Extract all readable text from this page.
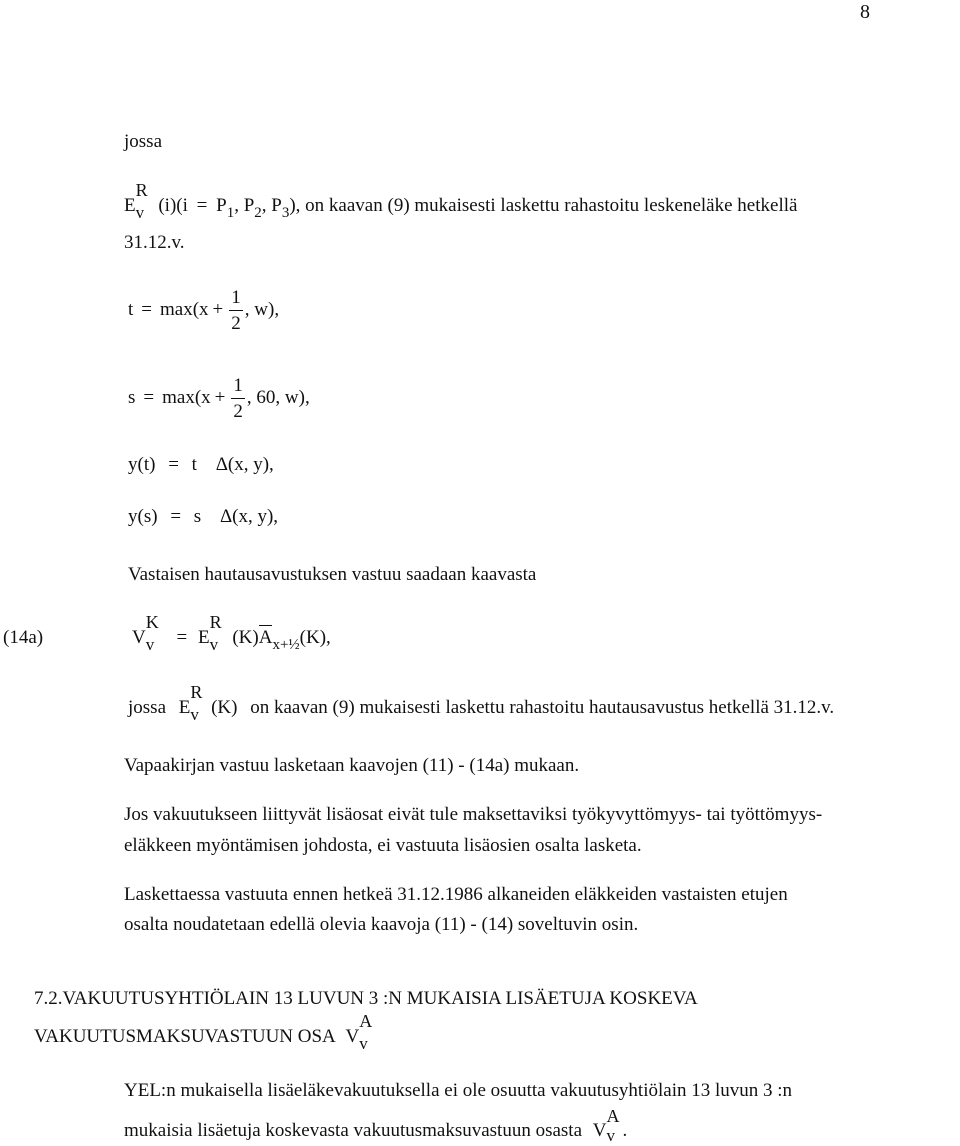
8
jossa
E
R
v $(i)(i = P_1$, $P_2$, $P_3$), on kaavan (9) mukaisesti laskettu rahastoitu leskeneläke hetkellä
31.12.v.
$t = \max(x + \frac{1}{2}$ , w),
$s = \max(x + \frac{1}{2}$ , 60, w),
y(t) = t Δ(x, y),
y(s) = s Δ(x, y),
Vastaisen hautausavustuksen vastuu saadaan kaavasta
(14a)	V
K
v = E
R
v $(K)A_{x+\frac{1}{2}}(K)$,
jossa E
R
v (K) on kaavan (9) mukaisesti laskettu rahastoitu hautausavustus hetkellä 31.12.v.
Vapaakirjan vastuu lasketaan kaavojen (11) - (14a) mukaan.
Jos vakuutukseen liittyvät lisäosat eivät tule maksettaviksi työkyvyttömyys- tai työttömyys-
eläkkeen myöntämisen johdosta, ei vastuuta lisäosien osalta lasketa.
Laskettaessa vastuuta ennen hetkeä 31.12.1986 alkaneiden eläkkeiden vastaisten etujen
osalta noudatetaan edellä olevia kaavoja (11) - (14) soveltuvin osin.
7.2.VAKUUTUSYHTIÖLAIN 13 LUVUN 3 :N MUKAISIA LISÄETUJA KOSKEVA
VAKUUTUSMAKSUVASTUUN OSA V
A
v
YEL:n mukaisella lisäeläkevakuutuksella ei ole osuutta vakuutusyhtiölain 13 luvun 3 :n
mukaisia lisäetuja koskevasta vakuutusmaksuvastuun osasta V
A
v .
